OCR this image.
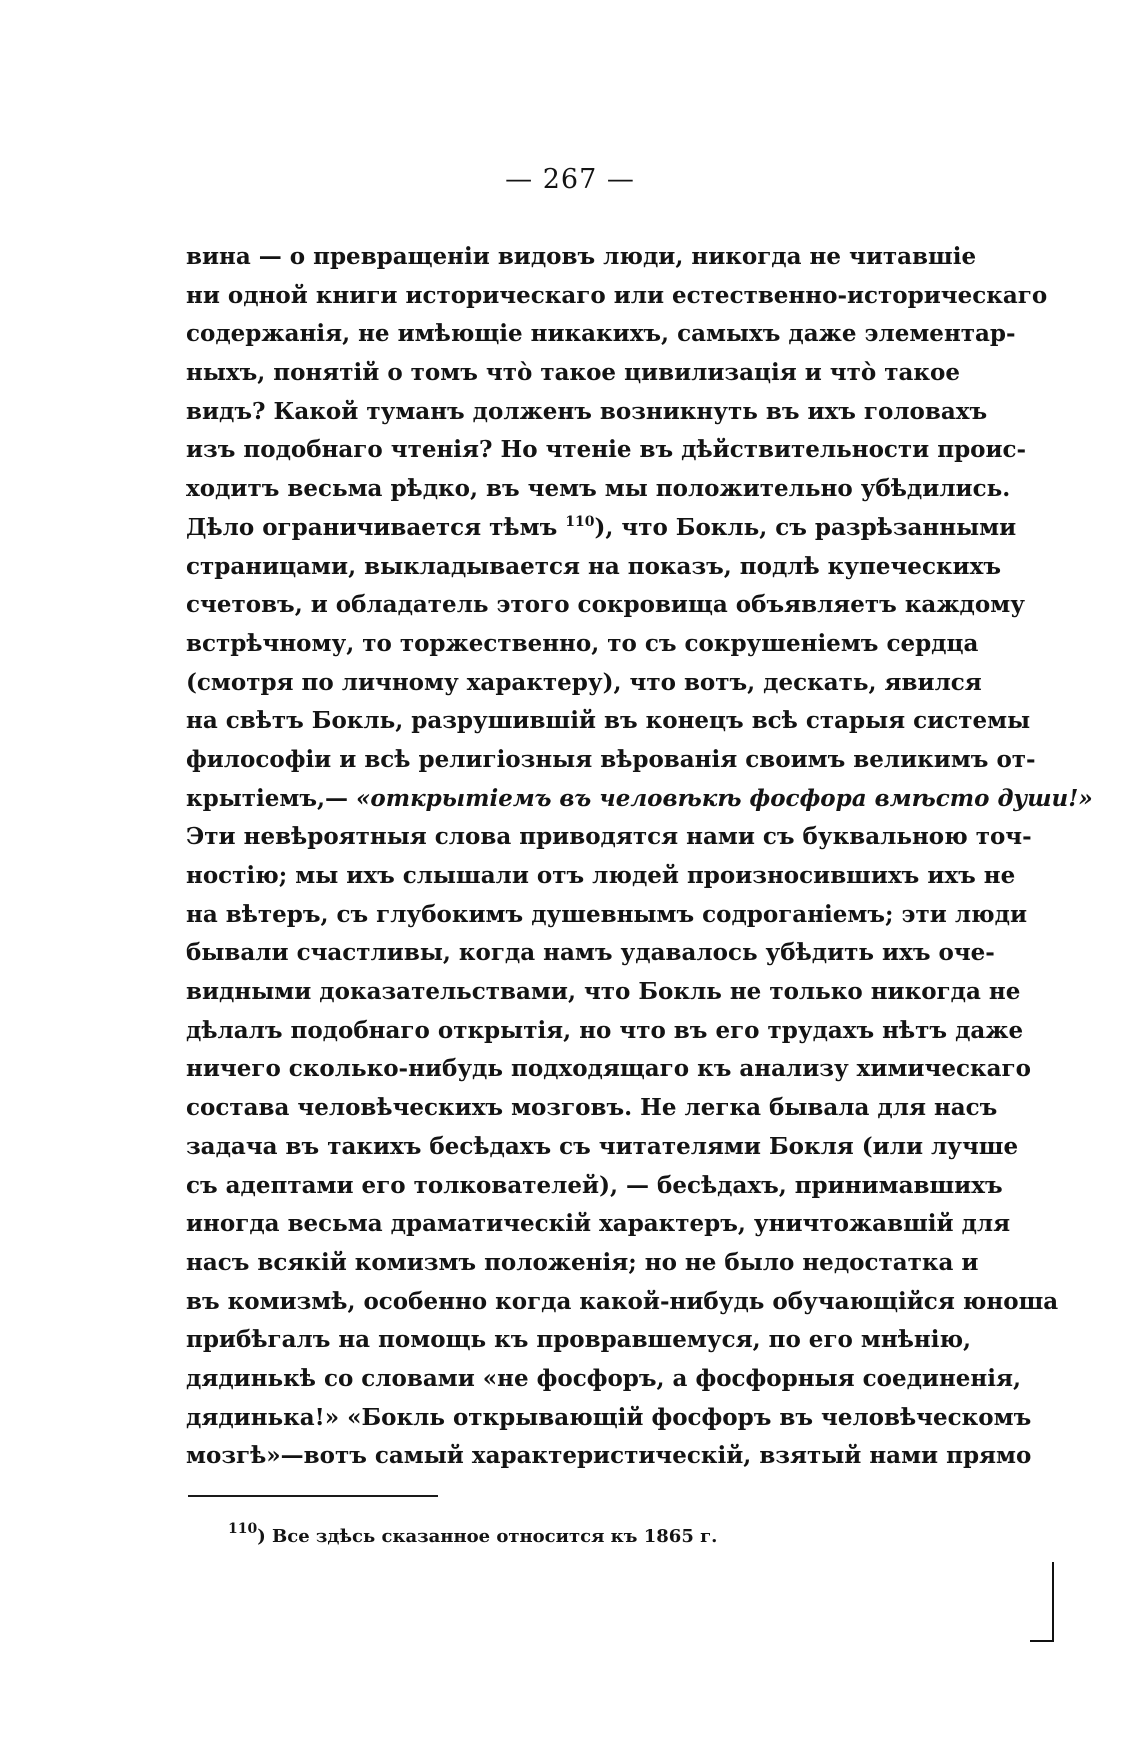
— 267 —
вина — о превращеніи видовъ люди, никогда не читавшіе
ни одной книги историческаго или естественно-историческаго
содержанія, не имѣющіе никакихъ, самыхъ даже элементар-
ныхъ, понятій о томъ что̀ такое цивилизація и что̀ такое
видъ? Какой туманъ долженъ возникнуть въ ихъ головахъ
изъ подобнаго чтенія? Но чтеніе въ дѣйствительности проис-
ходитъ весьма рѣдко, въ чемъ мы положительно убѣдились.
Дѣло ограничивается тѣмъ $^{110}$), что Бокль, съ разрѣзанными
страницами, выкладывается на показъ, подлѣ купеческихъ
счетовъ, и обладатель этого сокровища объявляетъ каждому
встрѣчному, то торжественно, то съ сокрушеніемъ сердца
(смотря по личному характеру), что вотъ, дескать, явился
на свѣтъ Бокль, разрушившій въ конецъ всѣ старыя системы
философіи и всѣ религіозныя вѣрованія своимъ великимъ от-
крытіемъ,— «открытіемъ въ человѣкѣ фосфора вмѣсто души!»
Эти невѣроятныя слова приводятся нами съ буквальною точ-
ностію; мы ихъ слышали отъ людей произносившихъ ихъ не
на вѣтеръ, съ глубокимъ душевнымъ содроганіемъ; эти люди
бывали счастливы, когда намъ удавалось убѣдить ихъ оче-
видными доказательствами, что Бокль не только никогда не
дѣлалъ подобнаго открытія, но что въ его трудахъ нѣтъ даже
ничего сколько-нибудь подходящаго къ анализу химическаго
состава человѣческихъ мозговъ. Не легка бывала для насъ
задача въ такихъ бесѣдахъ съ читателями Бокля (или лучше
съ адептами его толкователей), — бесѣдахъ, принимавшихъ
иногда весьма драматическій характеръ, уничтожавшій для
насъ всякій комизмъ положенія; но не было недостатка и
въ комизмѣ, особенно когда какой-нибудь обучающійся юноша
прибѣгалъ на помощь къ провравшемуся, по его мнѣнію,
дядинькѣ со словами «не фосфоръ, а фосфорныя соединенія,
дядинька!» «Бокль открывающій фосфоръ въ человѣческомъ
мозгѣ»—вотъ самый характеристическій, взятый нами прямо
$^{110}$) Все здѣсь сказанное относится къ 1865 г.
